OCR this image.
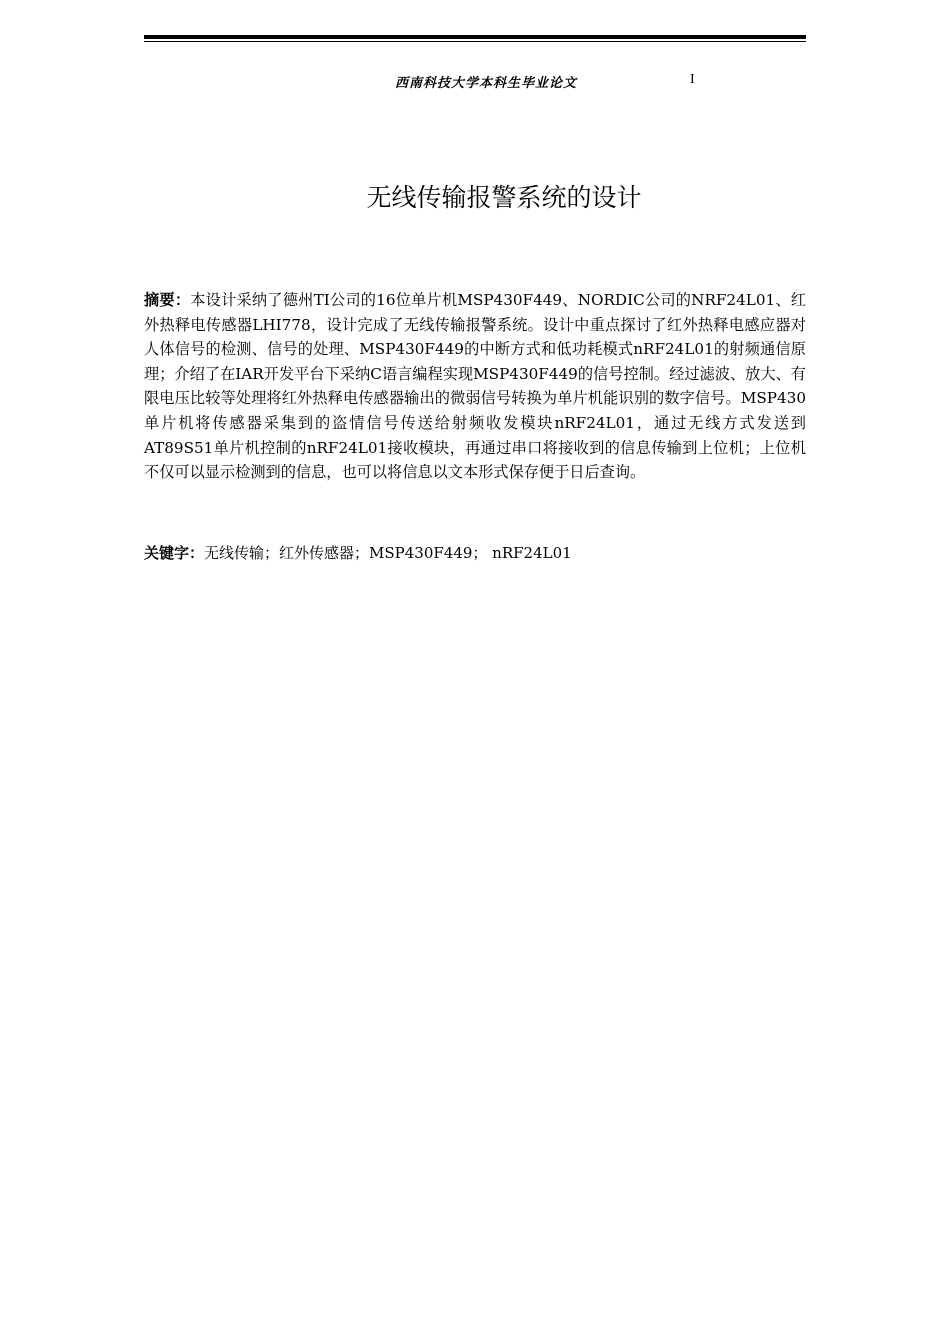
西南科技大学本科生毕业论文	I
无线传输报警系统的设计

摘要：本设计采纳了德州TI公司的16位单片机MSP430F449、NORDIC公司的NRF24L01、红外热释电传感器LHI778，设计完成了无线传输报警系统。设计中重点探讨了红外热释电感应器对人体信号的检测、信号的处理、MSP430F449的中断方式和低功耗模式nRF24L01的射频通信原理；介绍了在IAR开发平台下采纳C语言编程实现MSP430F449的信号控制。经过滤波、放大、有限电压比较等处理将红外热释电传感器输出的微弱信号转换为单片机能识别的数字信号。MSP430单片机将传感器采集到的盗情信号传送给射频收发模块nRF24L01，通过无线方式发送到AT89S51单片机控制的nRF24L01接收模块，再通过串口将接收到的信息传输到上位机；上位机不仅可以显示检测到的信息，也可以将信息以文本形式保存便于日后查询。

关键字：无线传输；红外传感器；MSP430F449； nRF24L01
